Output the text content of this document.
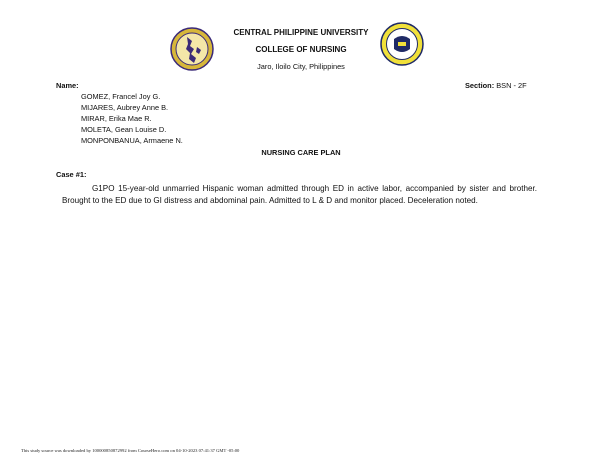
CENTRAL PHILIPPINE UNIVERSITY
COLLEGE OF NURSING
Jaro, Iloilo City, Philippines
Name:	Section: BSN - 2F
GOMEZ, Francel Joy G.
MIJARES, Aubrey Anne B.
MIRAR, Erika Mae R.
MOLETA, Gean Louise D.
MONPONBANUA, Armaene N.
NURSING CARE PLAN
Case #1:
G1PO 15-year-old unmarried Hispanic woman admitted through ED in active labor, accompanied by sister and brother. Brought to the ED due to GI distress and abdominal pain. Admitted to L & D and monitor placed. Deceleration noted.
This study source was downloaded by 100000850872992 from CourseHero.com on 04-10-2023 07:41:37 GMT -05:00
